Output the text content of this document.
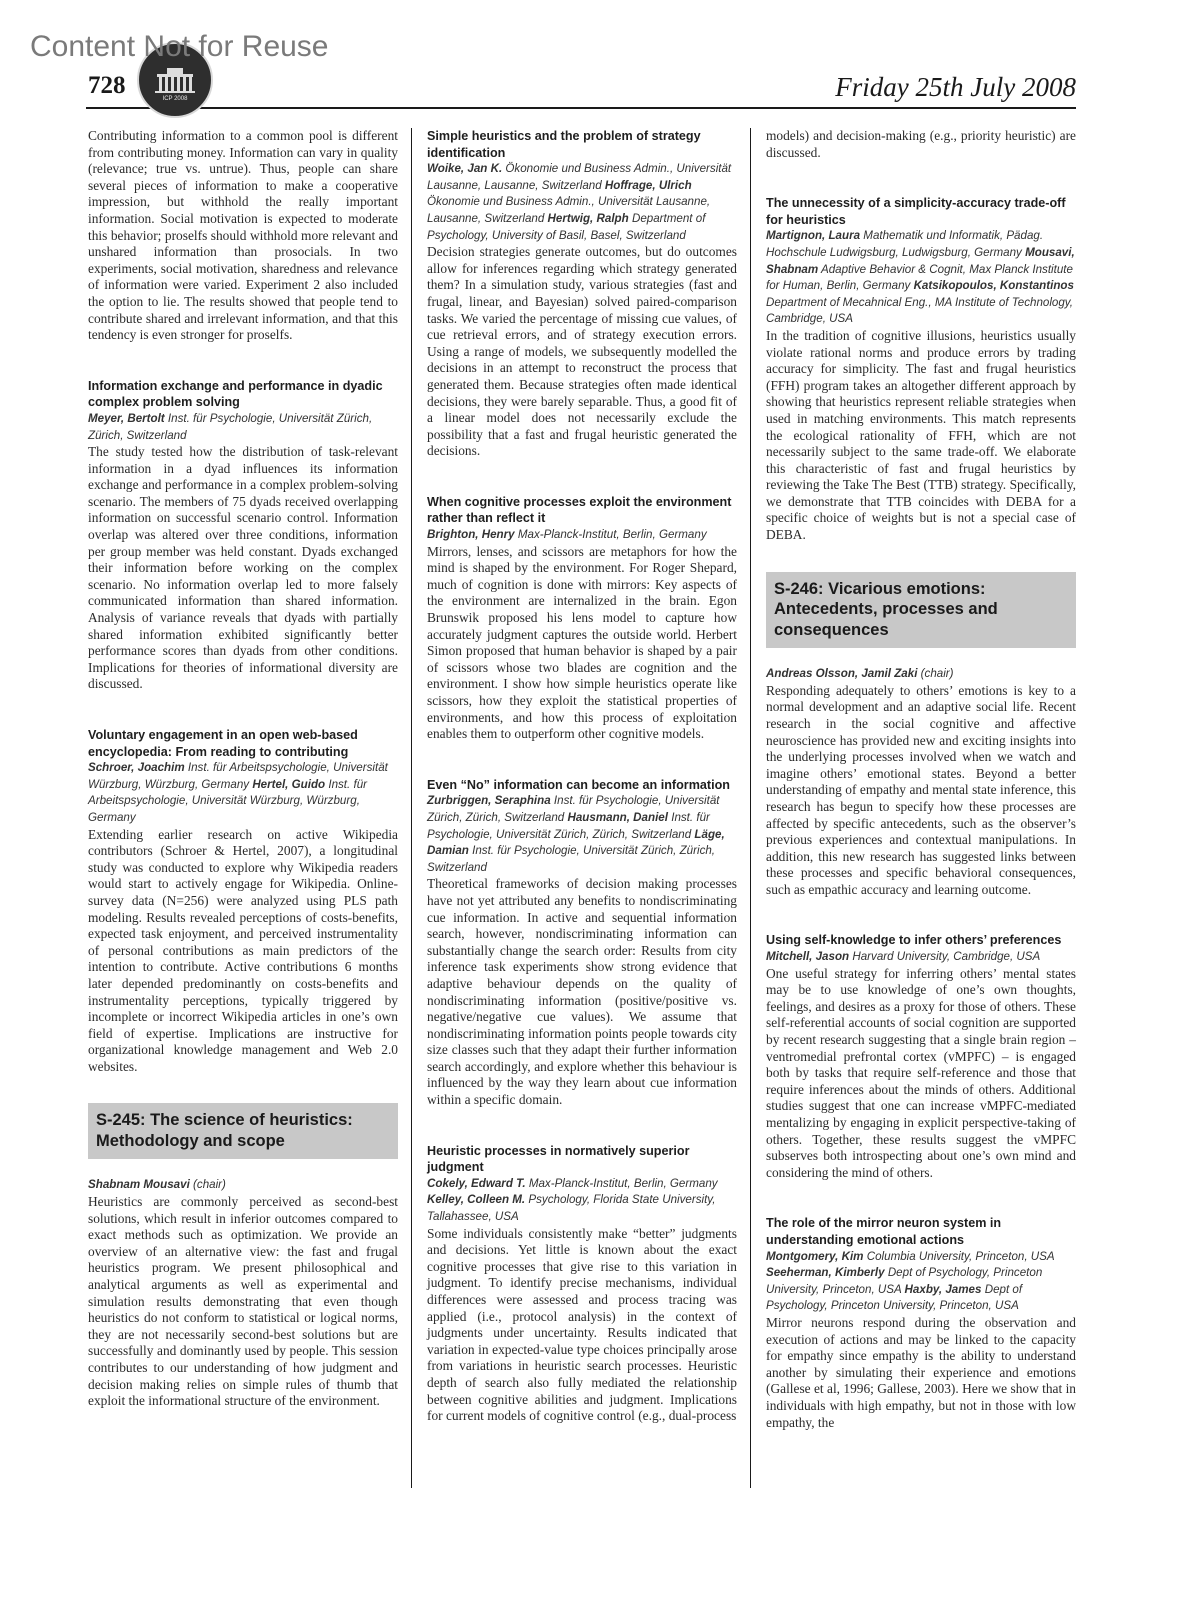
Content Not for Reuse
ICP 2008
728	Friday 25th July 2008

Contributing information to a common pool is different from contributing money. Information can vary in quality (relevance; true vs. untrue). Thus, people can share several pieces of information to make a cooperative impression, but withhold the really important information. Social motivation is expected to moderate this behavior; proselfs should withhold more relevant and unshared information than prosocials. In two experiments, social motivation, sharedness and relevance of information were varied. Experiment 2 also included the option to lie. The results showed that people tend to contribute shared and irrelevant information, and that this tendency is even stronger for proselfs.

Information exchange and performance in dyadic complex problem solving

Meyer, Bertolt Inst. für Psychologie, Universität Zürich, Zürich, Switzerland

The study tested how the distribution of task-relevant information in a dyad influences its information exchange and performance in a complex problem-solving scenario. The members of 75 dyads received overlapping information on successful scenario control. Information overlap was altered over three conditions, information per group member was held constant. Dyads exchanged their information before working on the complex scenario. No information overlap led to more falsely communicated information than shared information. Analysis of variance reveals that dyads with partially shared information exhibited significantly better performance scores than dyads from other conditions. Implications for theories of informational diversity are discussed.

Voluntary engagement in an open web-based encyclopedia: From reading to contributing

Schroer, Joachim Inst. für Arbeitspsychologie, Universität Würzburg, Würzburg, Germany Hertel, Guido Inst. für Arbeitspsychologie, Universität Würzburg, Würzburg, Germany

Extending earlier research on active Wikipedia contributors (Schroer & Hertel, 2007), a longitudinal study was conducted to explore why Wikipedia readers would start to actively engage for Wikipedia. Online-survey data (N=256) were analyzed using PLS path modeling. Results revealed perceptions of costs-benefits, expected task enjoyment, and perceived instrumentality of personal contributions as main predictors of the intention to contribute. Active contributions 6 months later depended predominantly on costs-benefits and instrumentality perceptions, typically triggered by incomplete or incorrect Wikipedia articles in one’s own field of expertise. Implications are instructive for organizational knowledge management and Web 2.0 websites.

S-245: The science of heuristics: Methodology and scope

Shabnam Mousavi (chair)

Heuristics are commonly perceived as second-best solutions, which result in inferior outcomes compared to exact methods such as optimization. We provide an overview of an alternative view: the fast and frugal heuristics program. We present philosophical and analytical arguments as well as experimental and simulation results demonstrating that even though heuristics do not conform to statistical or logical norms, they are not necessarily second-best solutions but are successfully and dominantly used by people. This session contributes to our understanding of how judgment and decision making relies on simple rules of thumb that exploit the informational structure of the environment.

Simple heuristics and the problem of strategy identification

Woike, Jan K. Ökonomie und Business Admin., Universität Lausanne, Lausanne, Switzerland Hoffrage, Ulrich Ökonomie und Business Admin., Universität Lausanne, Lausanne, Switzerland Hertwig, Ralph Department of Psychology, University of Basil, Basel, Switzerland

Decision strategies generate outcomes, but do outcomes allow for inferences regarding which strategy generated them? In a simulation study, various strategies (fast and frugal, linear, and Bayesian) solved paired-comparison tasks. We varied the percentage of missing cue values, of cue retrieval errors, and of strategy execution errors. Using a range of models, we subsequently modelled the decisions in an attempt to reconstruct the process that generated them. Because strategies often made identical decisions, they were barely separable. Thus, a good fit of a linear model does not necessarily exclude the possibility that a fast and frugal heuristic generated the decisions.

When cognitive processes exploit the environment rather than reflect it

Brighton, Henry Max-Planck-Institut, Berlin, Germany

Mirrors, lenses, and scissors are metaphors for how the mind is shaped by the environment. For Roger Shepard, much of cognition is done with mirrors: Key aspects of the environment are internalized in the brain. Egon Brunswik proposed his lens model to capture how accurately judgment captures the outside world. Herbert Simon proposed that human behavior is shaped by a pair of scissors whose two blades are cognition and the environment. I show how simple heuristics operate like scissors, how they exploit the statistical properties of environments, and how this process of exploitation enables them to outperform other cognitive models.

Even “No” information can become an information

Zurbriggen, Seraphina Inst. für Psychologie, Universität Zürich, Zürich, Switzerland Hausmann, Daniel Inst. für Psychologie, Universität Zürich, Zürich, Switzerland Läge, Damian Inst. für Psychologie, Universität Zürich, Zürich, Switzerland

Theoretical frameworks of decision making processes have not yet attributed any benefits to nondiscriminating cue information. In active and sequential information search, however, nondiscriminating information can substantially change the search order: Results from city inference task experiments show strong evidence that adaptive behaviour depends on the quality of nondiscriminating information (positive/positive vs. negative/negative cue values). We assume that nondiscriminating information points people towards city size classes such that they adapt their further information search accordingly, and explore whether this behaviour is influenced by the way they learn about cue information within a specific domain.

Heuristic processes in normatively superior judgment

Cokely, Edward T. Max-Planck-Institut, Berlin, Germany Kelley, Colleen M. Psychology, Florida State University, Tallahassee, USA

Some individuals consistently make “better” judgments and decisions. Yet little is known about the exact cognitive processes that give rise to this variation in judgment. To identify precise mechanisms, individual differences were assessed and process tracing was applied (i.e., protocol analysis) in the context of judgments under uncertainty. Results indicated that variation in expected-value type choices principally arose from variations in heuristic search processes. Heuristic depth of search also fully mediated the relationship between cognitive abilities and judgment. Implications for current models of cognitive control (e.g., dual-process

models) and decision-making (e.g., priority heuristic) are discussed.

The unnecessity of a simplicity-accuracy trade-off for heuristics

Martignon, Laura Mathematik und Informatik, Pädag. Hochschule Ludwigsburg, Ludwigsburg, Germany Mousavi, Shabnam Adaptive Behavior & Cognit, Max Planck Institute for Human, Berlin, Germany Katsikopoulos, Konstantinos Department of Mecahnical Eng., MA Institute of Technology, Cambridge, USA

In the tradition of cognitive illusions, heuristics usually violate rational norms and produce errors by trading accuracy for simplicity. The fast and frugal heuristics (FFH) program takes an altogether different approach by showing that heuristics represent reliable strategies when used in matching environments. This match represents the ecological rationality of FFH, which are not necessarily subject to the same trade-off. We elaborate this characteristic of fast and frugal heuristics by reviewing the Take The Best (TTB) strategy. Specifically, we demonstrate that TTB coincides with DEBA for a specific choice of weights but is not a special case of DEBA.

S-246: Vicarious emotions: Antecedents, processes and consequences

Andreas Olsson, Jamil Zaki (chair)

Responding adequately to others’ emotions is key to a normal development and an adaptive social life. Recent research in the social cognitive and affective neuroscience has provided new and exciting insights into the underlying processes involved when we watch and imagine others’ emotional states. Beyond a better understanding of empathy and mental state inference, this research has begun to specify how these processes are affected by specific antecedents, such as the observer’s previous experiences and contextual manipulations. In addition, this new research has suggested links between these processes and specific behavioral consequences, such as empathic accuracy and learning outcome.

Using self-knowledge to infer others’ preferences

Mitchell, Jason Harvard University, Cambridge, USA

One useful strategy for inferring others’ mental states may be to use knowledge of one’s own thoughts, feelings, and desires as a proxy for those of others. These self-referential accounts of social cognition are supported by recent research suggesting that a single brain region – ventromedial prefrontal cortex (vMPFC) – is engaged both by tasks that require self-reference and those that require inferences about the minds of others. Additional studies suggest that one can increase vMPFC-mediated mentalizing by engaging in explicit perspective-taking of others. Together, these results suggest the vMPFC subserves both introspecting about one’s own mind and considering the mind of others.

The role of the mirror neuron system in understanding emotional actions

Montgomery, Kim Columbia University, Princeton, USA Seeherman, Kimberly Dept of Psychology, Princeton University, Princeton, USA Haxby, James Dept of Psychology, Princeton University, Princeton, USA

Mirror neurons respond during the observation and execution of actions and may be linked to the capacity for empathy since empathy is the ability to understand another by simulating their experience and emotions (Gallese et al, 1996; Gallese, 2003). Here we show that in individuals with high empathy, but not in those with low empathy, the
